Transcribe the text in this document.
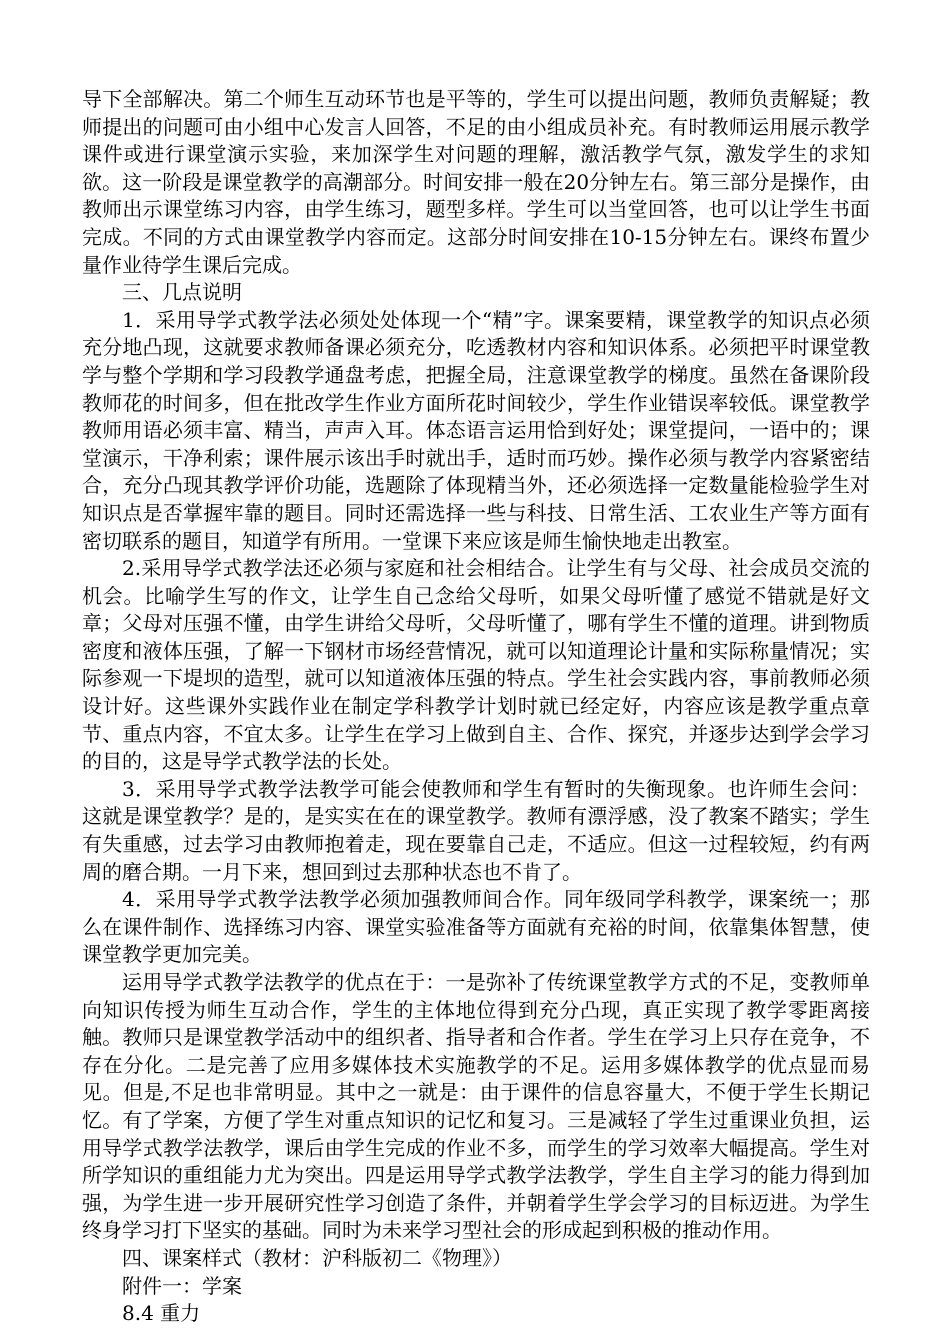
导下全部解决。第二个师生互动环节也是平等的，学生可以提出问题，教师负责解疑；教师提出的问题可由小组中心发言人回答，不足的由小组成员补充。有时教师运用展示教学课件或进行课堂演示实验，来加深学生对问题的理解，激活教学气氛，激发学生的求知欲。这一阶段是课堂教学的高潮部分。时间安排一般在20分钟左右。第三部分是操作，由教师出示课堂练习内容，由学生练习，题型多样。学生可以当堂回答，也可以让学生书面完成。不同的方式由课堂教学内容而定。这部分时间安排在10-15分钟左右。课终布置少量作业待学生课后完成。

三、几点说明

1．采用导学式教学法必须处处体现一个“精”字。课案要精，课堂教学的知识点必须充分地凸现，这就要求教师备课必须充分，吃透教材内容和知识体系。必须把平时课堂教学与整个学期和学习段教学通盘考虑，把握全局，注意课堂教学的梯度。虽然在备课阶段教师花的时间多，但在批改学生作业方面所花时间较少，学生作业错误率较低。课堂教学教师用语必须丰富、精当，声声入耳。体态语言运用恰到好处；课堂提问，一语中的；课堂演示，干净利索；课件展示该出手时就出手，适时而巧妙。操作必须与教学内容紧密结合，充分凸现其教学评价功能，选题除了体现精当外，还必须选择一定数量能检验学生对知识点是否掌握牢靠的题目。同时还需选择一些与科技、日常生活、工农业生产等方面有密切联系的题目，知道学有所用。一堂课下来应该是师生愉快地走出教室。

2.采用导学式教学法还必须与家庭和社会相结合。让学生有与父母、社会成员交流的机会。比喻学生写的作文，让学生自己念给父母听，如果父母听懂了感觉不错就是好文章；父母对压强不懂，由学生讲给父母听，父母听懂了，哪有学生不懂的道理。讲到物质密度和液体压强，了解一下钢材市场经营情况，就可以知道理论计量和实际称量情况；实际参观一下堤坝的造型，就可以知道液体压强的特点。学生社会实践内容，事前教师必须设计好。这些课外实践作业在制定学科教学计划时就已经定好，内容应该是教学重点章节、重点内容，不宜太多。让学生在学习上做到自主、合作、探究，并逐步达到学会学习的目的，这是导学式教学法的长处。

3．采用导学式教学法教学可能会使教师和学生有暂时的失衡现象。也许师生会问：这就是课堂教学？是的，是实实在在的课堂教学。教师有漂浮感，没了教案不踏实；学生有失重感，过去学习由教师抱着走，现在要靠自己走，不适应。但这一过程较短，约有两周的磨合期。一月下来，想回到过去那种状态也不肯了。

4．采用导学式教学法教学必须加强教师间合作。同年级同学科教学，课案统一；那么在课件制作、选择练习内容、课堂实验准备等方面就有充裕的时间，依靠集体智慧，使课堂教学更加完美。

运用导学式教学法教学的优点在于：一是弥补了传统课堂教学方式的不足，变教师单向知识传授为师生互动合作，学生的主体地位得到充分凸现，真正实现了教学零距离接触。教师只是课堂教学活动中的组织者、指导者和合作者。学生在学习上只存在竞争，不存在分化。二是完善了应用多媒体技术实施教学的不足。运用多媒体教学的优点显而易见。但是,不足也非常明显。其中之一就是：由于课件的信息容量大，不便于学生长期记忆。有了学案，方便了学生对重点知识的记忆和复习。三是减轻了学生过重课业负担，运用导学式教学法教学，课后由学生完成的作业不多，而学生的学习效率大幅提高。学生对所学知识的重组能力尤为突出。四是运用导学式教学法教学，学生自主学习的能力得到加强，为学生进一步开展研究性学习创造了条件，并朝着学生学会学习的目标迈进。为学生终身学习打下坚实的基础。同时为未来学习型社会的形成起到积极的推动作用。

四、课案样式（教材：沪科版初二《物理》）

附件一：学案

8.4 重力
